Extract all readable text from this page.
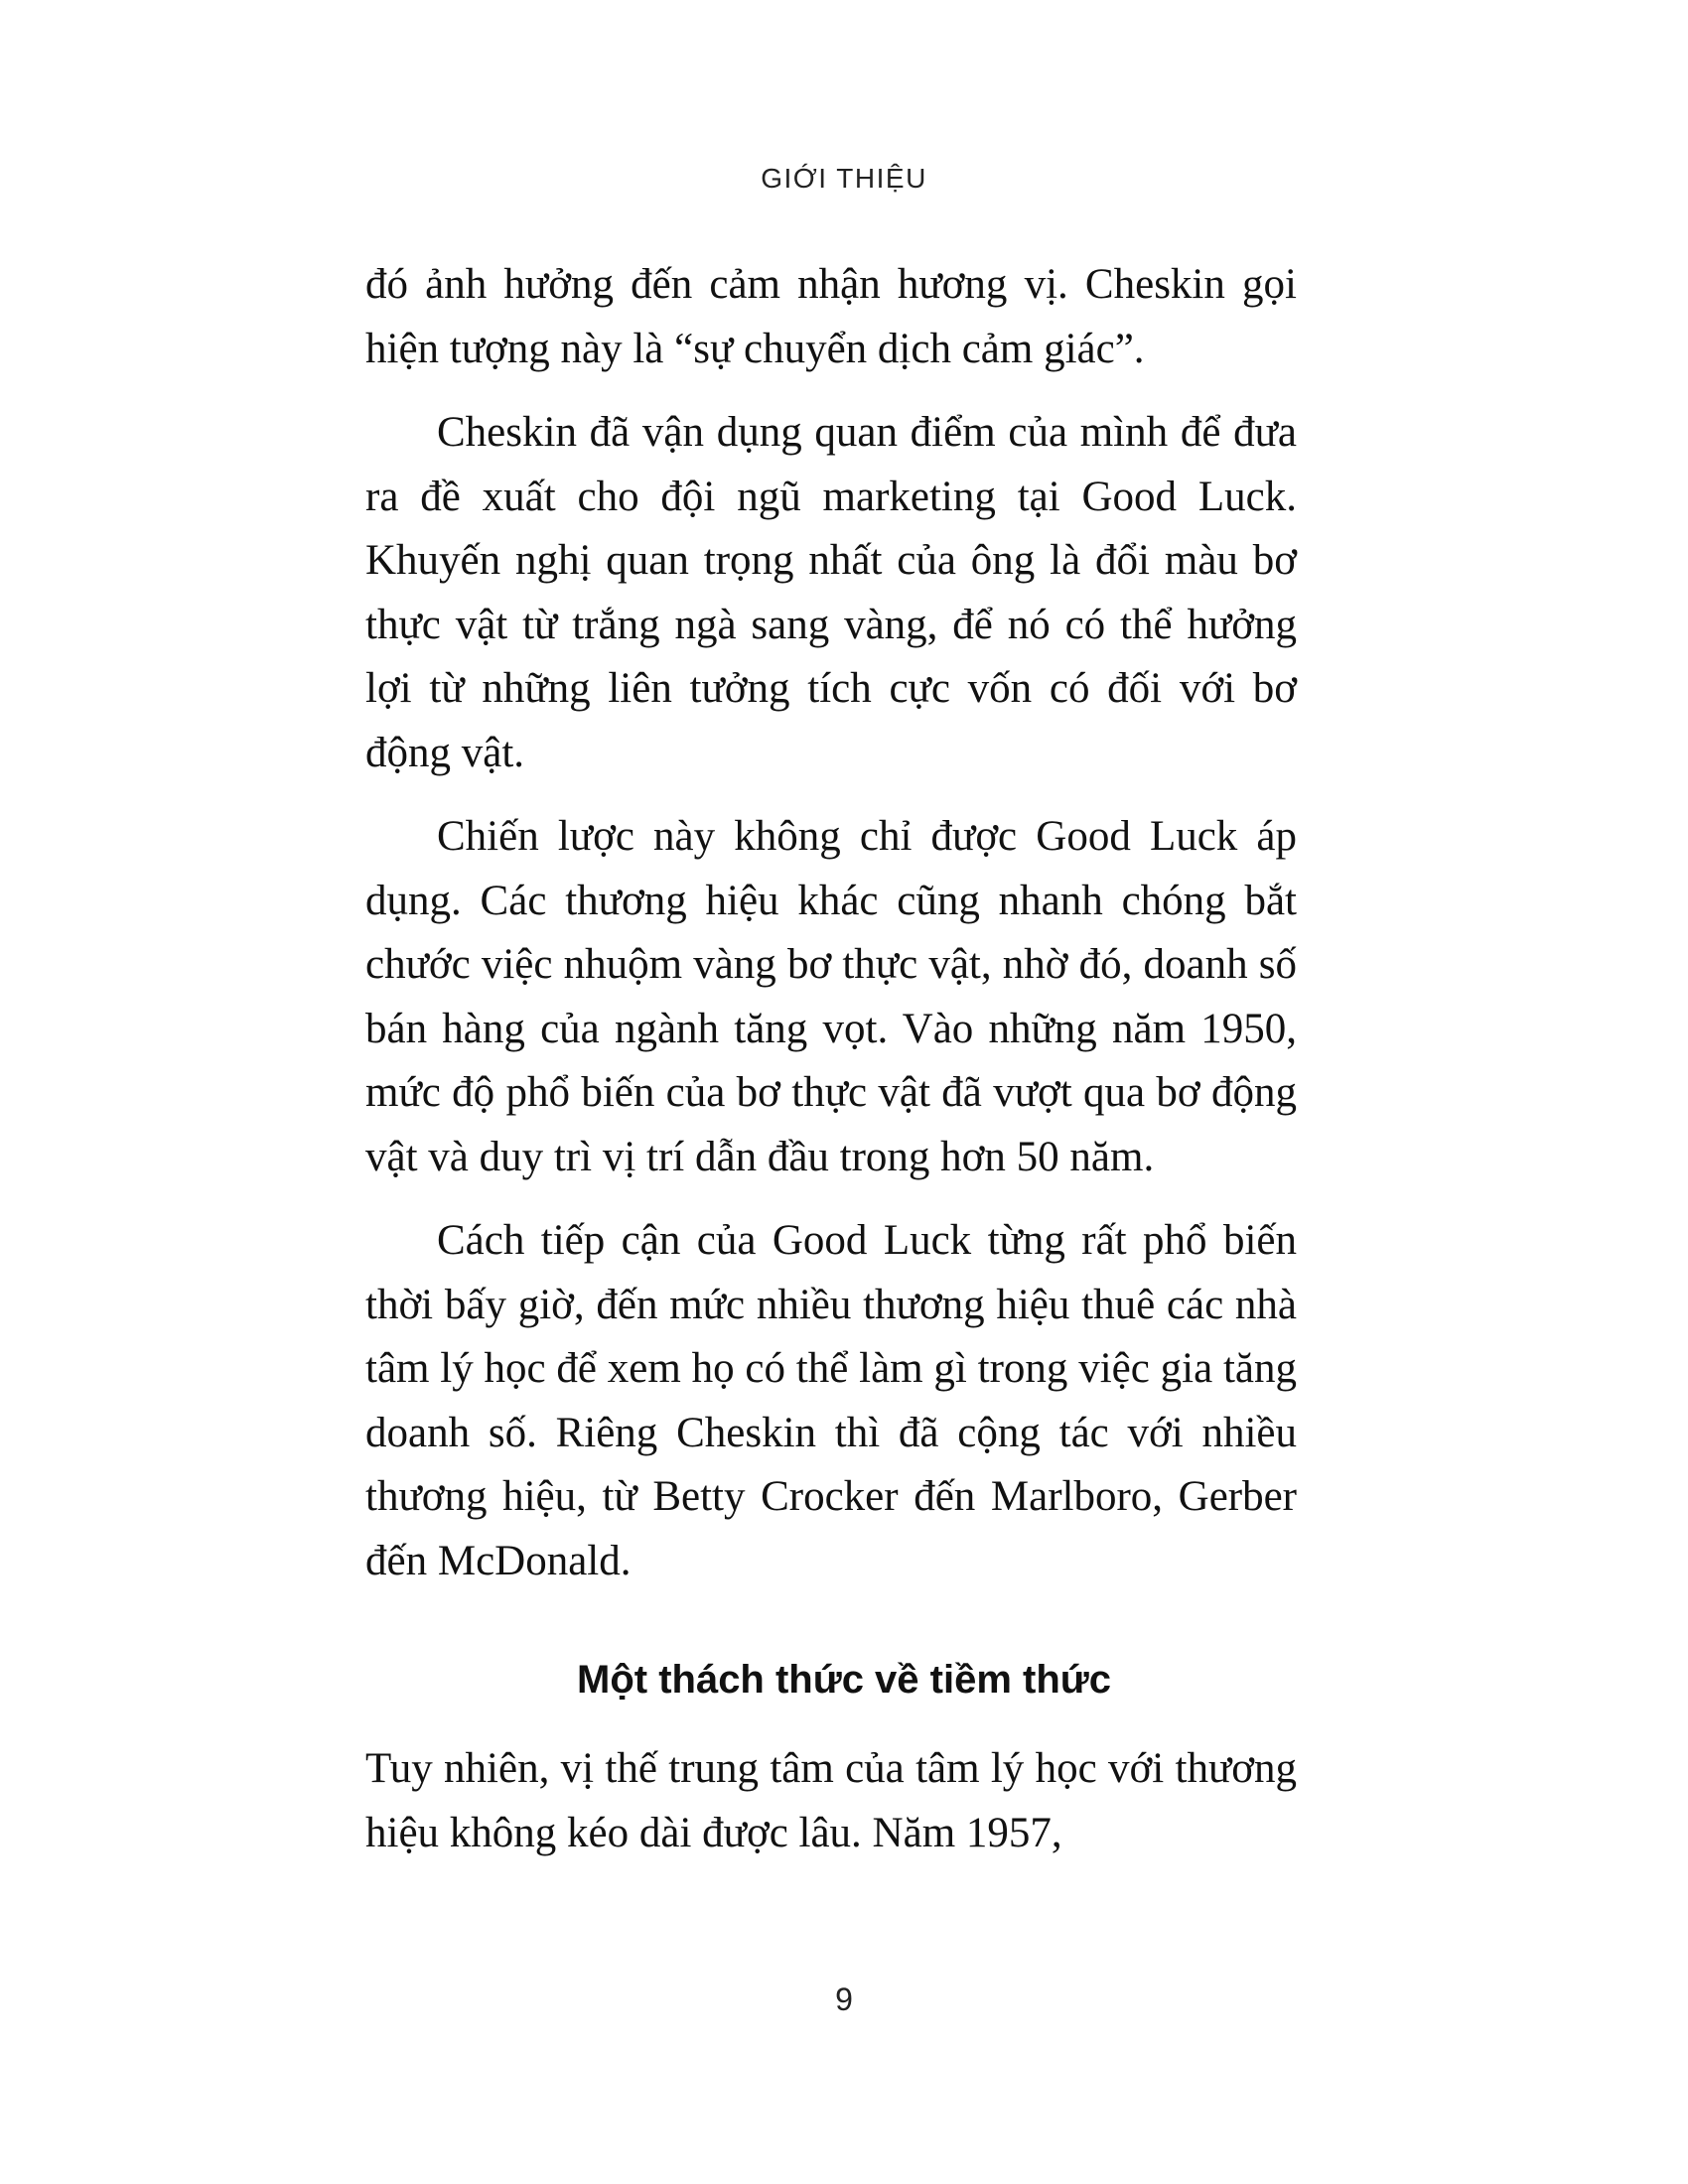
GIỚI THIỆU

đó ảnh hưởng đến cảm nhận hương vị. Cheskin gọi hiện tượng này là “sự chuyển dịch cảm giác”.

Cheskin đã vận dụng quan điểm của mình để đưa ra đề xuất cho đội ngũ marketing tại Good Luck. Khuyến nghị quan trọng nhất của ông là đổi màu bơ thực vật từ trắng ngà sang vàng, để nó có thể hưởng lợi từ những liên tưởng tích cực vốn có đối với bơ động vật.

Chiến lược này không chỉ được Good Luck áp dụng. Các thương hiệu khác cũng nhanh chóng bắt chước việc nhuộm vàng bơ thực vật, nhờ đó, doanh số bán hàng của ngành tăng vọt. Vào những năm 1950, mức độ phổ biến của bơ thực vật đã vượt qua bơ động vật và duy trì vị trí dẫn đầu trong hơn 50 năm.

Cách tiếp cận của Good Luck từng rất phổ biến thời bấy giờ, đến mức nhiều thương hiệu thuê các nhà tâm lý học để xem họ có thể làm gì trong việc gia tăng doanh số. Riêng Cheskin thì đã cộng tác với nhiều thương hiệu, từ Betty Crocker đến Marlboro, Gerber đến McDonald.

Một thách thức về tiềm thức

Tuy nhiên, vị thế trung tâm của tâm lý học với thương hiệu không kéo dài được lâu. Năm 1957,

9
